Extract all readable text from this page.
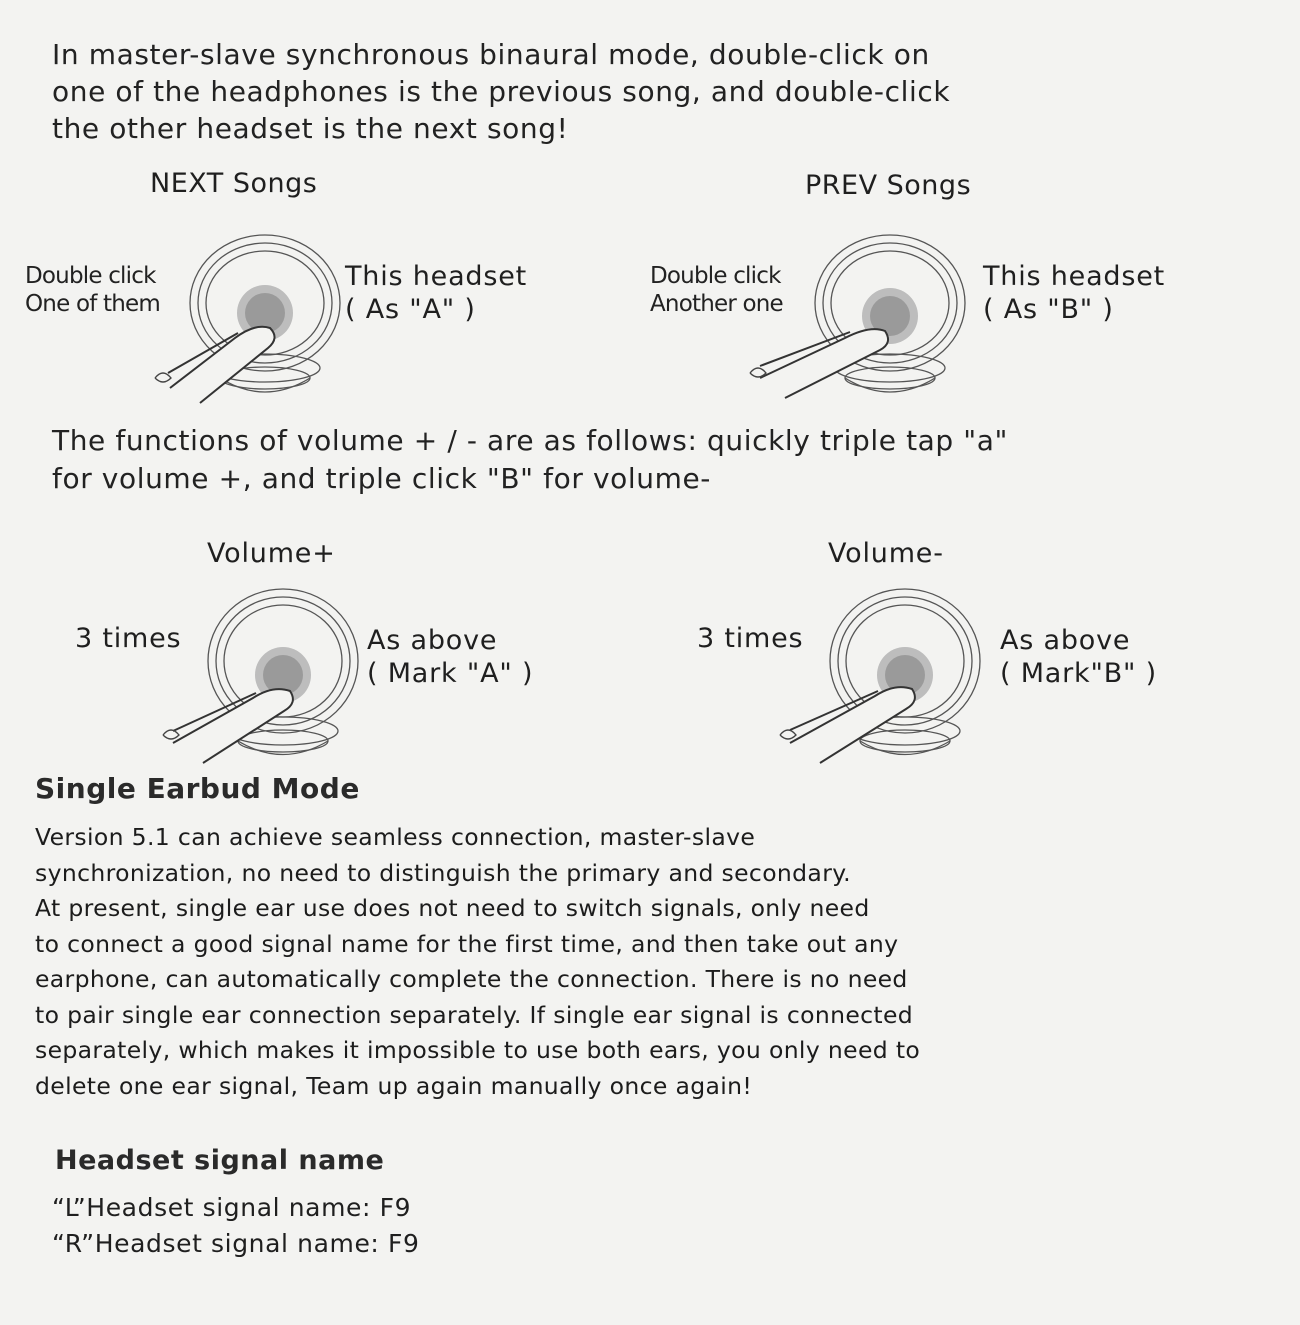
In master-slave synchronous binaural mode, double-click on
one of the headphones is the previous song, and double-click
the other headset is the next song!
NEXT Songs
Double click
One of them
This headset
( As "A" )
PREV Songs
Double click
Another one
This headset
( As "B" )
The functions of volume + / - are as follows: quickly triple tap "a"
for volume +, and triple click "B" for volume-
Volume+
3 times	As above
( Mark "A" )
Volume-
3 times	As above
( Mark"B" )
Single Earbud Mode
Version 5.1 can achieve seamless connection, master-slave
synchronization, no need to distinguish the primary and secondary.
At present, single ear use does not need to switch signals, only need
to connect a good signal name for the first time, and then take out any
earphone, can automatically complete the connection. There is no need
to pair single ear connection separately. If single ear signal is connected
separately, which makes it impossible to use both ears, you only need to
delete one ear signal, Team up again manually once again!
Headset signal name
“L”Headset signal name: F9
“R”Headset signal name: F9
